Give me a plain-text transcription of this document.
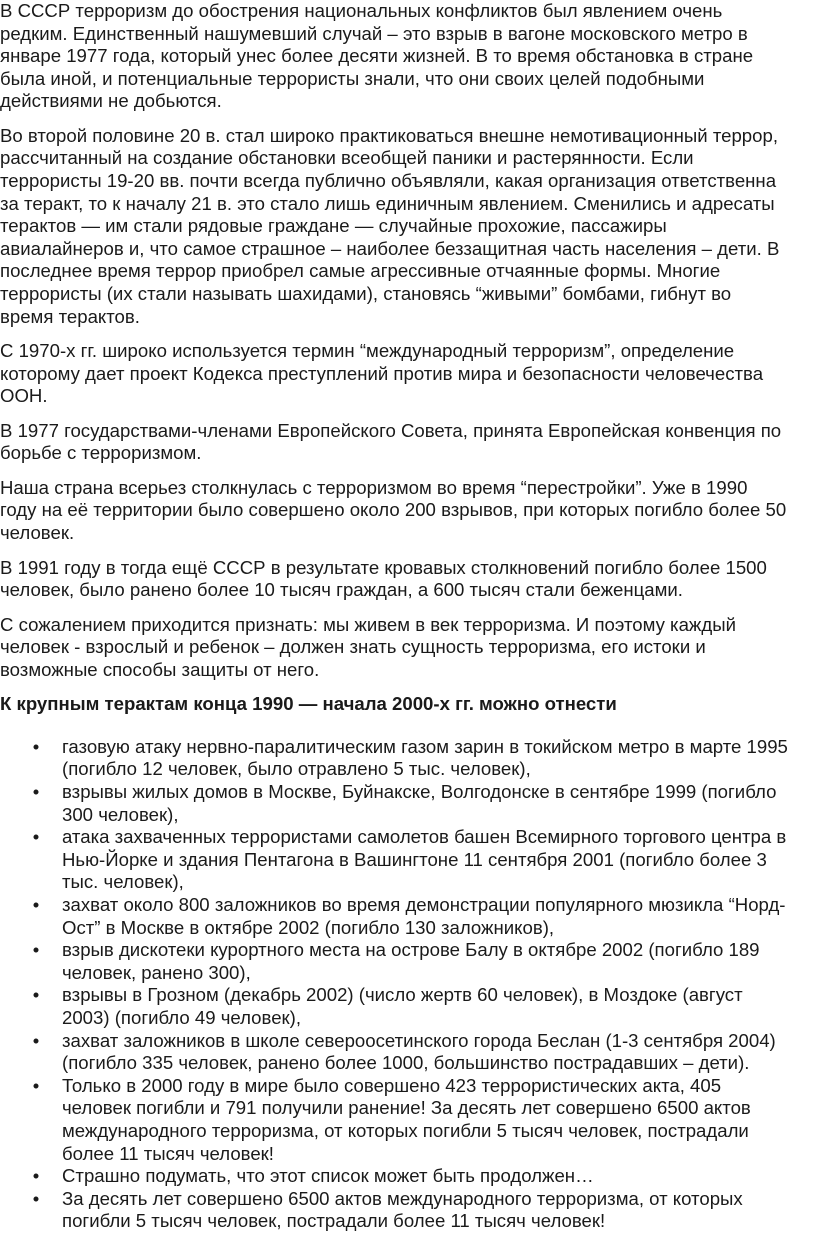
В СССР терроризм до обострения национальных конфликтов был явлением очень
редким. Единственный нашумевший случай – это взрыв в вагоне московского метро в
январе 1977 года, который унес более десяти жизней. В то время обстановка в стране
была иной, и потенциальные террористы знали, что они своих целей подобными
действиями не добьются.

Во второй половине 20 в. стал широко практиковаться внешне немотивационный террор,
рассчитанный на создание обстановки всеобщей паники и растерянности. Если
террористы 19-20 вв. почти всегда публично объявляли, какая организация ответственна
за теракт, то к началу 21 в. это стало лишь единичным явлением. Сменились и адресаты
терактов — им стали рядовые граждане — случайные прохожие, пассажиры
авиалайнеров и, что самое страшное – наиболее беззащитная часть населения – дети. В
последнее время террор приобрел самые агрессивные отчаянные формы. Многие
террористы (их стали называть шахидами), становясь “живыми” бомбами, гибнут во
время терактов.

С 1970-х гг. широко используется термин “международный терроризм”, определение
которому дает проект Кодекса преступлений против мира и безопасности человечества
ООН.

В 1977 государствами-членами Европейского Совета, принята Европейская конвенция по
борьбе с терроризмом.

Наша страна всерьез столкнулась с терроризмом во время “перестройки”. Уже в 1990
году на её территории было совершено около 200 взрывов, при которых погибло более 50
человек.

В 1991 году в тогда ещё СССР в результате кровавых столкновений погибло более 1500
человек, было ранено более 10 тысяч граждан, а 600 тысяч стали беженцами.

С сожалением приходится признать: мы живем в век терроризма. И поэтому каждый
человек - взрослый и ребенок – должен знать сущность терроризма, его истоки и
возможные способы защиты от него.

К крупным терактам конца 1990 — начала 2000-х гг. можно отнести

• газовую атаку нервно-паралитическим газом зарин в токийском метро в марте 1995
(погибло 12 человек, было отравлено 5 тыс. человек),
• взрывы жилых домов в Москве, Буйнакске, Волгодонске в сентябре 1999 (погибло
300 человек),
• атака захваченных террористами самолетов башен Всемирного торгового центра в
Нью-Йорке и здания Пентагона в Вашингтоне 11 сентября 2001 (погибло более 3
тыс. человек),
• захват около 800 заложников во время демонстрации популярного мюзикла “Норд-
Ост” в Москве в октябре 2002 (погибло 130 заложников),
• взрыв дискотеки курортного места на острове Балу в октябре 2002 (погибло 189
человек, ранено 300),
• взрывы в Грозном (декабрь 2002) (число жертв 60 человек), в Моздоке (август
2003) (погибло 49 человек),
• захват заложников в школе североосетинского города Беслан (1-3 сентября 2004)
(погибло 335 человек, ранено более 1000, большинство пострадавших – дети).
• Только в 2000 году в мире было совершено 423 террористических акта, 405
человек погибли и 791 получили ранение! За десять лет совершено 6500 актов
международного терроризма, от которых погибли 5 тысяч человек, пострадали
более 11 тысяч человек!
• Страшно подумать, что этот список может быть продолжен…
• За десять лет совершено 6500 актов международного терроризма, от которых
погибли 5 тысяч человек, пострадали более 11 тысяч человек!
